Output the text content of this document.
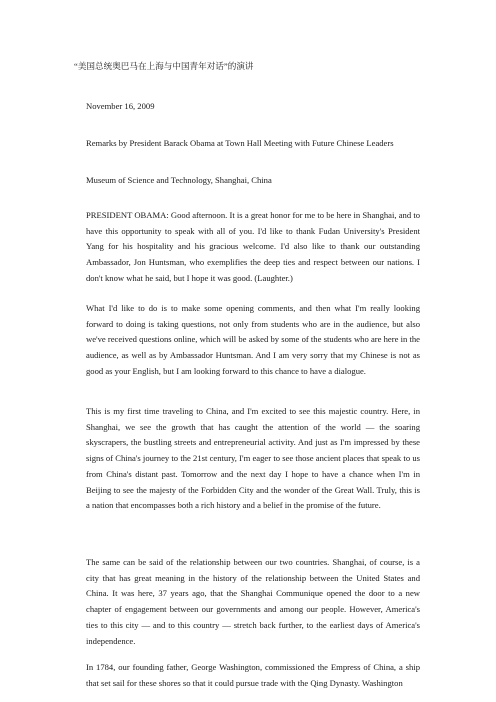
“美国总统奥巴马在上海与中国青年对话”的演讲
November 16, 2009
Remarks by President Barack Obama at Town Hall Meeting with Future Chinese Leaders
Museum of Science and Technology, Shanghai, China
PRESIDENT OBAMA: Good afternoon. It is a great honor for me to be here in Shanghai, and to have this opportunity to speak with all of you. I'd like to thank Fudan University's President Yang for his hospitality and his gracious welcome. I'd also like to thank our outstanding Ambassador, Jon Huntsman, who exemplifies the deep ties and respect between our nations. I don't know what he said, but I hope it was good. (Laughter.)
What I'd like to do is to make some opening comments, and then what I'm really looking forward to doing is taking questions, not only from students who are in the audience, but also we've received questions online, which will be asked by some of the students who are here in the audience, as well as by Ambassador Huntsman. And I am very sorry that my Chinese is not as good as your English, but I am looking forward to this chance to have a dialogue.
This is my first time traveling to China, and I'm excited to see this majestic country. Here, in Shanghai, we see the growth that has caught the attention of the world — the soaring skyscrapers, the bustling streets and entrepreneurial activity. And just as I'm impressed by these signs of China's journey to the 21st century, I'm eager to see those ancient places that speak to us from China's distant past. Tomorrow and the next day I hope to have a chance when I'm in Beijing to see the majesty of the Forbidden City and the wonder of the Great Wall. Truly, this is a nation that encompasses both a rich history and a belief in the promise of the future.
The same can be said of the relationship between our two countries. Shanghai, of course, is a city that has great meaning in the history of the relationship between the United States and China. It was here, 37 years ago, that the Shanghai Communique opened the door to a new chapter of engagement between our governments and among our people. However, America's ties to this city — and to this country — stretch back further, to the earliest days of America's independence.
In 1784, our founding father, George Washington, commissioned the Empress of China, a ship that set sail for these shores so that it could pursue trade with the Qing Dynasty. Washington
